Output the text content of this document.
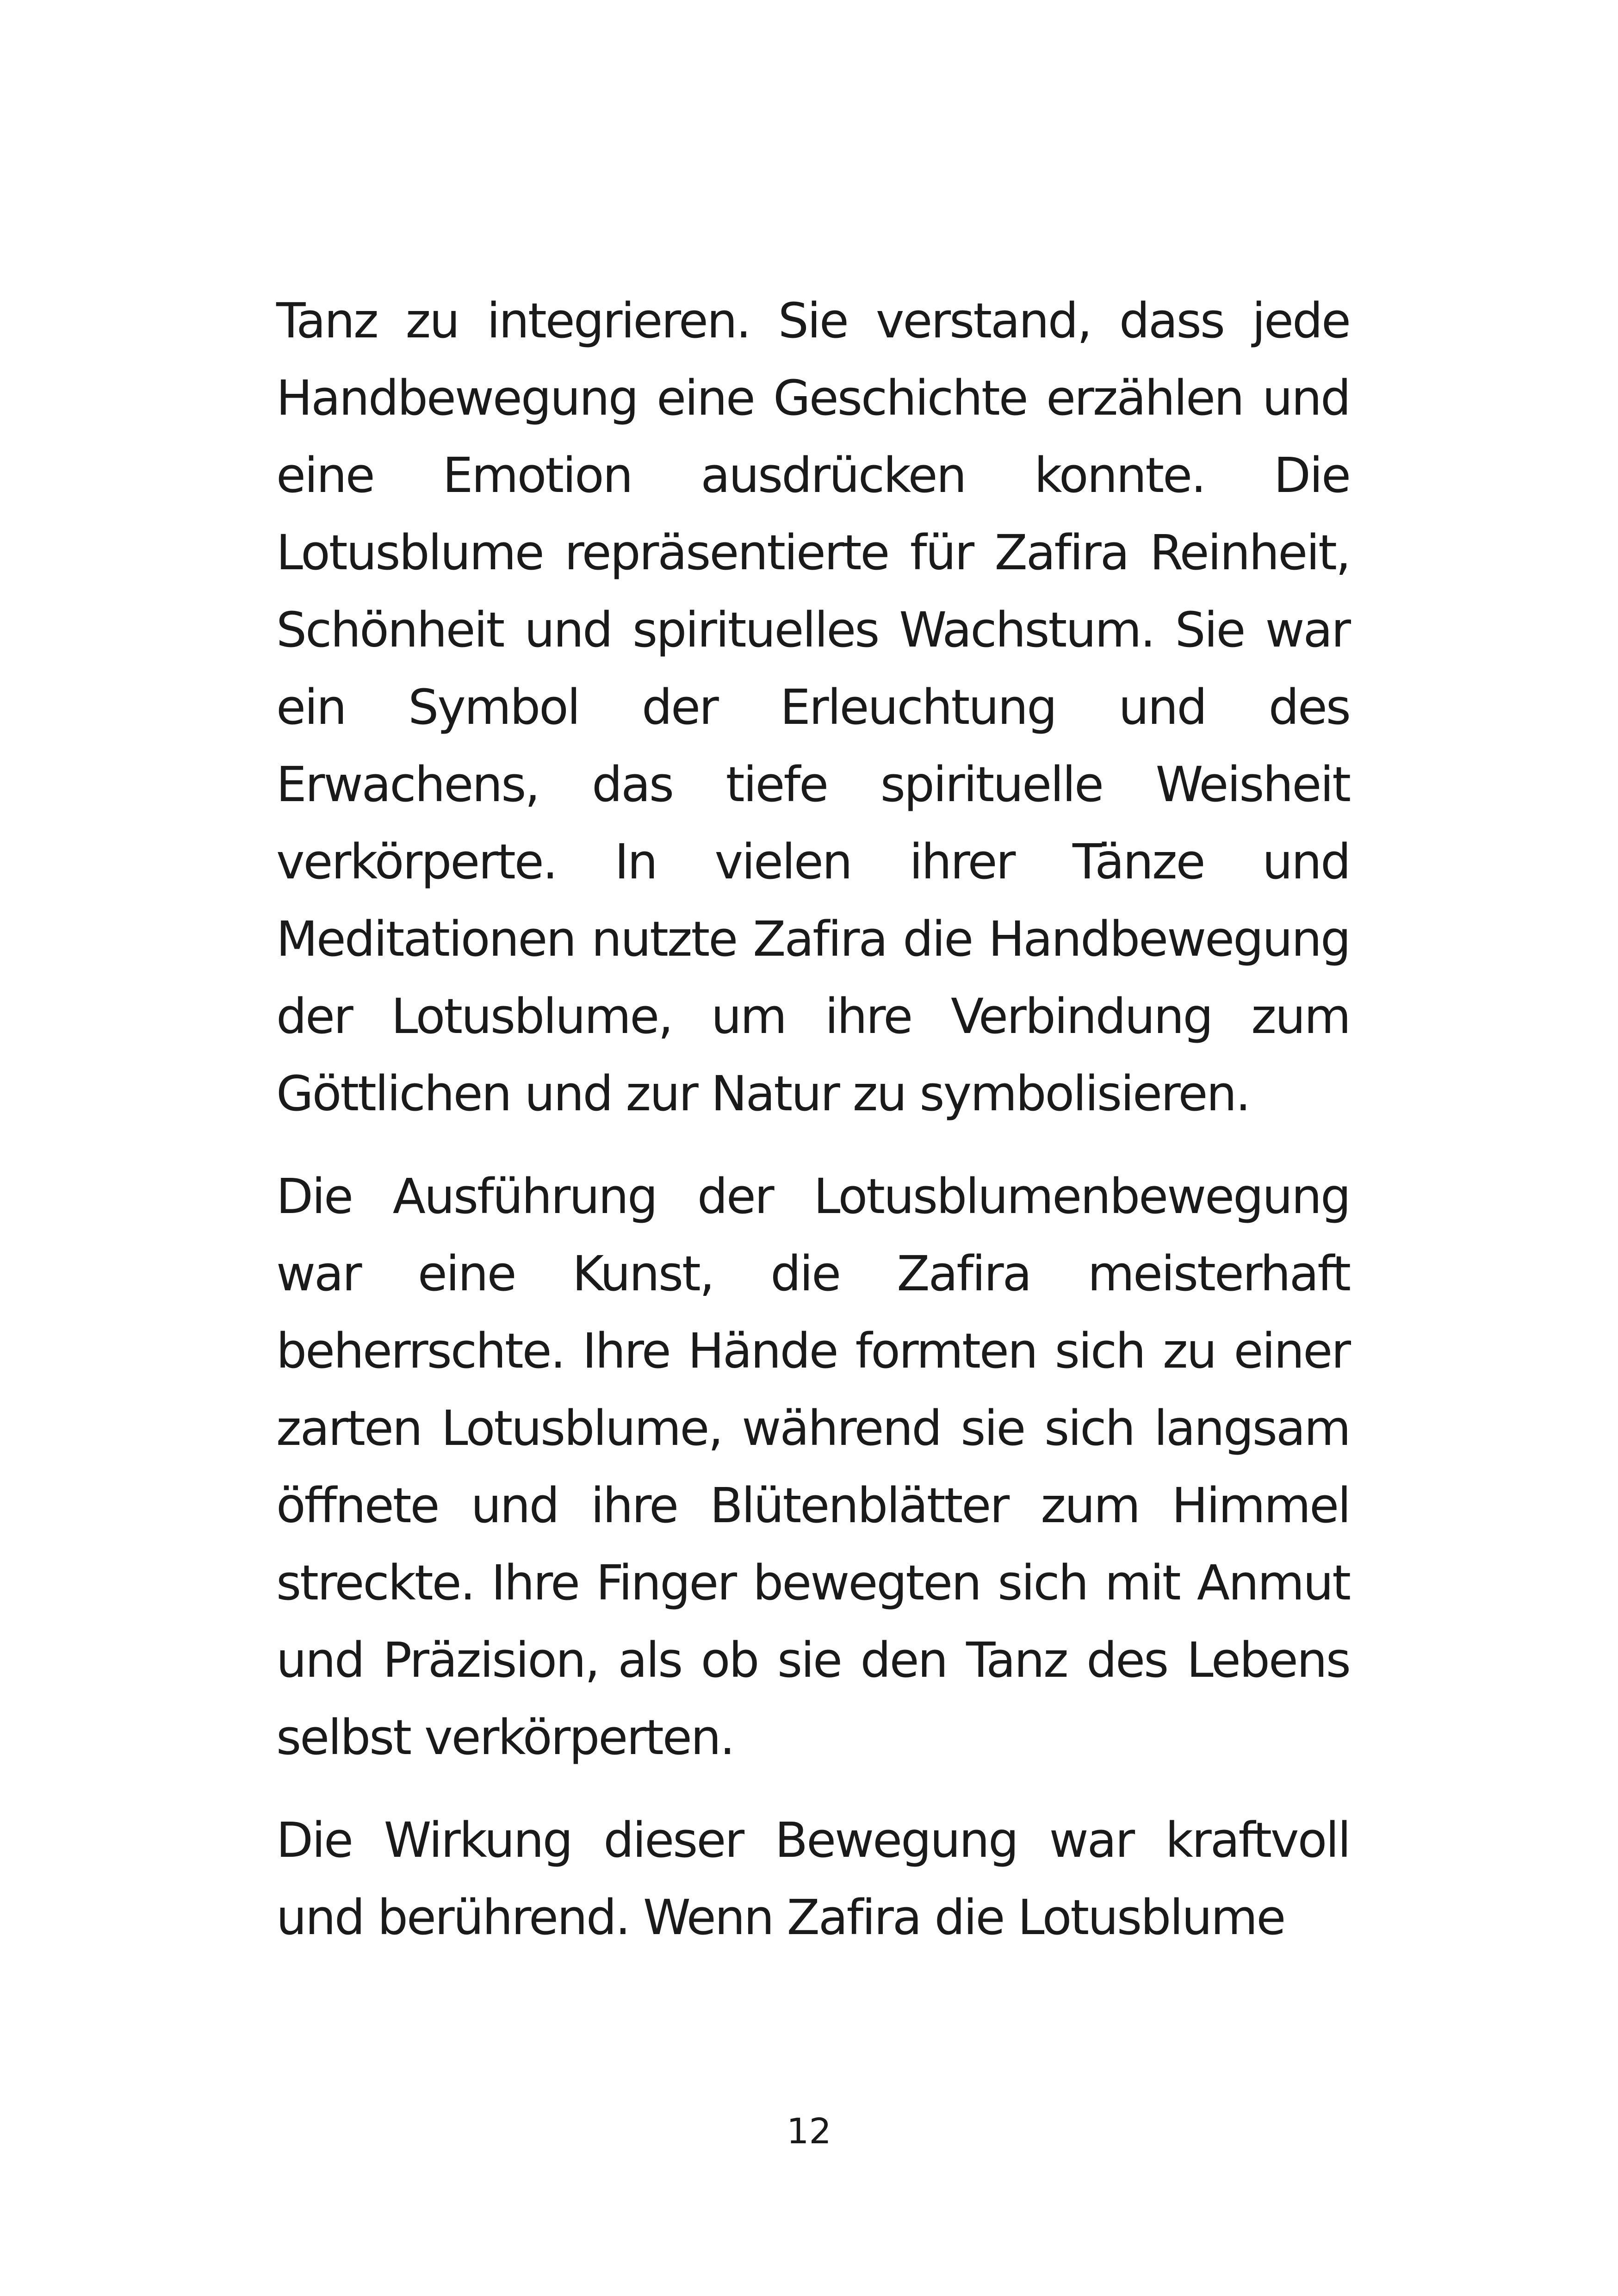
Tanz zu integrieren. Sie verstand, dass jede Handbewegung eine Geschichte erzählen und eine Emotion ausdrücken konnte. Die Lotusblume repräsentierte für Zafira Reinheit, Schönheit und spirituelles Wachstum. Sie war ein Symbol der Erleuchtung und des Erwachens, das tiefe spirituelle Weisheit verkörperte. In vielen ihrer Tänze und Meditationen nutzte Zafira die Handbewegung der Lotusblume, um ihre Verbindung zum Göttlichen und zur Natur zu symbolisieren.

Die Ausführung der Lotusblumenbewegung war eine Kunst, die Zafira meisterhaft beherrschte. Ihre Hände formten sich zu einer zarten Lotusblume, während sie sich langsam öffnete und ihre Blütenblätter zum Himmel streckte. Ihre Finger bewegten sich mit Anmut und Präzision, als ob sie den Tanz des Lebens selbst verkörperten.

Die Wirkung dieser Bewegung war kraftvoll und berührend. Wenn Zafira die Lotusblume

12
